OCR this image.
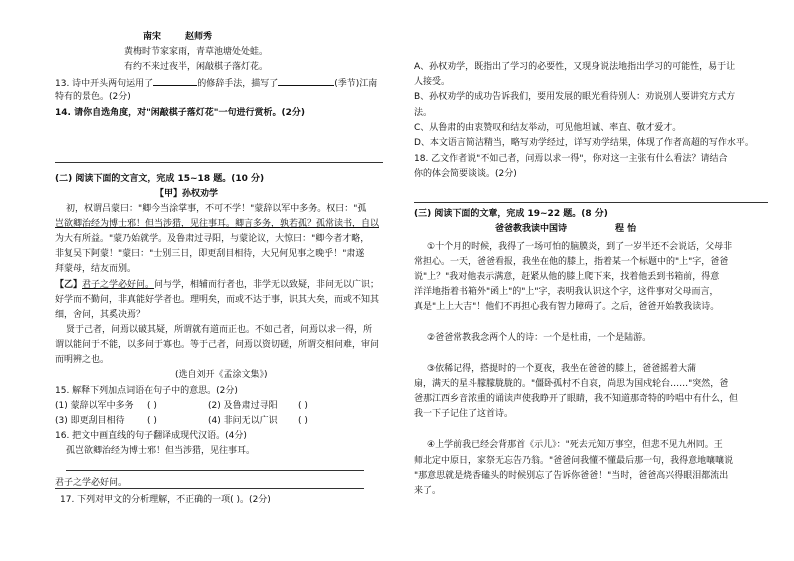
南宋	赵师秀
黄梅时节家家雨，青草池塘处处蛙。
有约不来过夜半，闲敲棋子落灯花。
13. 诗中开头两句运用了	的修辞手法，描写了	(季节)江南
特有的景色。(2分)
14. 请你自选角度，对"闲敲棋子落灯花"一句进行赏析。(2分)
(二) 阅读下面的文言文，完成 15~18 题。(10 分)
【甲】孙权劝学
初，权谓吕蒙曰："卿今当涂掌事，不可不学！"蒙辞以军中多务。权曰："孤
岂欲卿治经为博士邪！但当涉猎，见往事耳。卿言多务，孰若孤？孤常读书，自以
为大有所益。"蒙乃始就学。及鲁肃过寻阳，与蒙论议，大惊曰："卿今者才略，
非复吴下阿蒙！"蒙曰："士别三日，即更刮目相待，大兄何见事之晚乎！"肃遂
拜蒙母，结友而别。
【乙】君子之学必好问。问与学，相辅而行者也，非学无以致疑，非问无以广识；
好学而不勤问，非真能好学者也。理明矣，而或不达于事，识其大矣，而或不知其
细，舍问，其奚决焉？
贤于己者，问焉以破其疑，所谓就有道而正也。不如己者，问焉以求一得，所
谓以能问于不能，以多问于寡也。等于己者，问焉以资切磋，所谓交相问难，审问
而明辨之也。
(选自刘开《孟涂文集》)
15. 解释下列加点词语在句子中的意思。(2分)
(1) 蒙辞以军中多务 ( )	(2) 及鲁肃过寻阳 ( )
(3) 即更刮目相待 ( )	(4) 非问无以广识 ( )
16. 把文中画直线的句子翻译成现代汉语。(4分)
孤岂欲卿治经为博士邪！但当涉猎，见往事耳。
君子之学必好问。
17. 下列对甲文的分析理解，不正确的一项( )。(2分)
A、孙权劝学，既指出了学习的必要性，又现身说法地指出学习的可能性，易于让
人接受。
B、孙权劝学的成功告诉我们，要用发展的眼光看待别人：劝说别人要讲究方式方
法。
C、从鲁肃的由衷赞叹和结友举动，可见他坦诚、率直、敬才爱才。
D、本文语言简洁精当，略写劝学经过，详写劝学结果，体现了作者高超的写作水平。
18. 乙文作者说"不如己者，问焉以求一得"，你对这一主张有什么看法？请结合
你的体会简要谈谈。(2分)
(三) 阅读下面的文章，完成 19~22 题。(8 分)
爸爸教我读中国诗	程 怡
①十个月的时候，我得了一场可怕的脑膜炎，到了一岁半还不会说话，父母非
常担心。一天，爸爸看报，我坐在他的膝上，指着某一个标题中的"上"字，爸爸
说"上？"我对他表示满意，赶紧从他的膝上爬下来，找着他丢到书箱前，得意
洋洋地指着书箱外"函上"的"上"字，表明我认识这个字，这件事对父母而言，
真是"上上大吉"！他们不再担心我有智力障碍了。之后，爸爸开始教我读诗。
②爸爸常教我念两个人的诗：一个是杜甫，一个是陆游。
③依稀记得，搭提时的一个夏夜，我坐在爸爸的膝上，爸爸摇着大蒲
扇，满天的星斗朦朦胧胧的。"僵卧孤村不自哀，尚思为国戍轮台……"突然，爸
爸那江西乡音浓重的诵读声使我睁开了眼睛，我不知道那奇特的吟唱中有什么，但
我一下子记住了这首诗。
④上学前我已经会背那首《示儿》："死去元知万事空，但悲不见九州同。王
师北定中原日，家祭无忘告乃翁。"爸爸问我懂不懂最后那一句，我得意地嚷嚷说
"那意思就是烧香磕头的时候别忘了告诉你爸爸！"当时，爸爸高兴得眼泪都流出
来了。
